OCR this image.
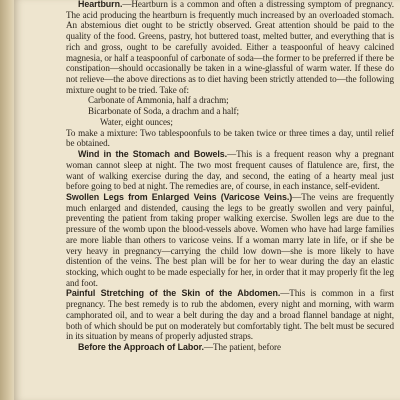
Heartburn.—Heartburn is a common and often a distressing symptom of pregnancy. The acid producing the heartburn is frequently much increased by an overloaded stomach. An abstemious diet ought to be strictly observed. Great attention should be paid to the quality of the food. Greens, pastry, hot buttered toast, melted butter, and everything that is rich and gross, ought to be carefully avoided. Either a teaspoonful of heavy calcined magnesia, or half a teaspoonful of carbonate of soda—the former to be preferred if there be constipation—should occasionally be taken in a wine-glassful of warm water. If these do not relieve—the above directions as to diet having been strictly attended to—the following mixture ought to be tried. Take of:

Carbonate of Ammonia, half a drachm;
Bicarbonate of Soda, a drachm and a half;
Water, eight ounces;

To make a mixture: Two tablespoonfuls to be taken twice or three times a day, until relief be obtained.

Wind in the Stomach and Bowels.—This is a frequent reason why a pregnant woman cannot sleep at night. The two most frequent causes of flatulence are, first, the want of walking exercise during the day, and second, the eating of a hearty meal just before going to bed at night. The remedies are, of course, in each instance, self-evident.

Swollen Legs from Enlarged Veins (Varicose Veins.)—The veins are frequently much enlarged and distended, causing the legs to be greatly swollen and very painful, preventing the patient from taking proper walking exercise. Swollen legs are due to the pressure of the womb upon the blood-vessels above. Women who have had large families are more liable than others to varicose veins. If a woman marry late in life, or if she be very heavy in pregnancy—carrying the child low down—she is more likely to have distention of the veins. The best plan will be for her to wear during the day an elastic stocking, which ought to be made especially for her, in order that it may properly fit the leg and foot.

Painful Stretching of the Skin of the Abdomen.—This is common in a first pregnancy. The best remedy is to rub the abdomen, every night and morning, with warm camphorated oil, and to wear a belt during the day and a broad flannel bandage at night, both of which should be put on moderately but comfortably tight. The belt must be secured in its situation by means of properly adjusted straps.

Before the Approach of Labor.—The patient, before
